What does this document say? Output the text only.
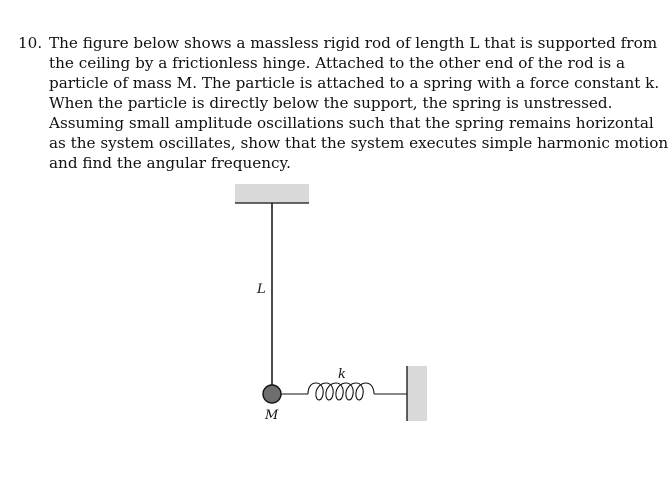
10. The figure below shows a massless rigid rod of length L that is supported from

the ceiling by a frictionless hinge. Attached to the other end of the rod is a

particle of mass M. The particle is attached to a spring with a force constant k.

When the particle is directly below the support, the spring is unstressed.

Assuming small amplitude oscillations such that the spring remains horizontal

as the system oscillates, show that the system executes simple harmonic motion

and find the angular frequency.

L
k
M
